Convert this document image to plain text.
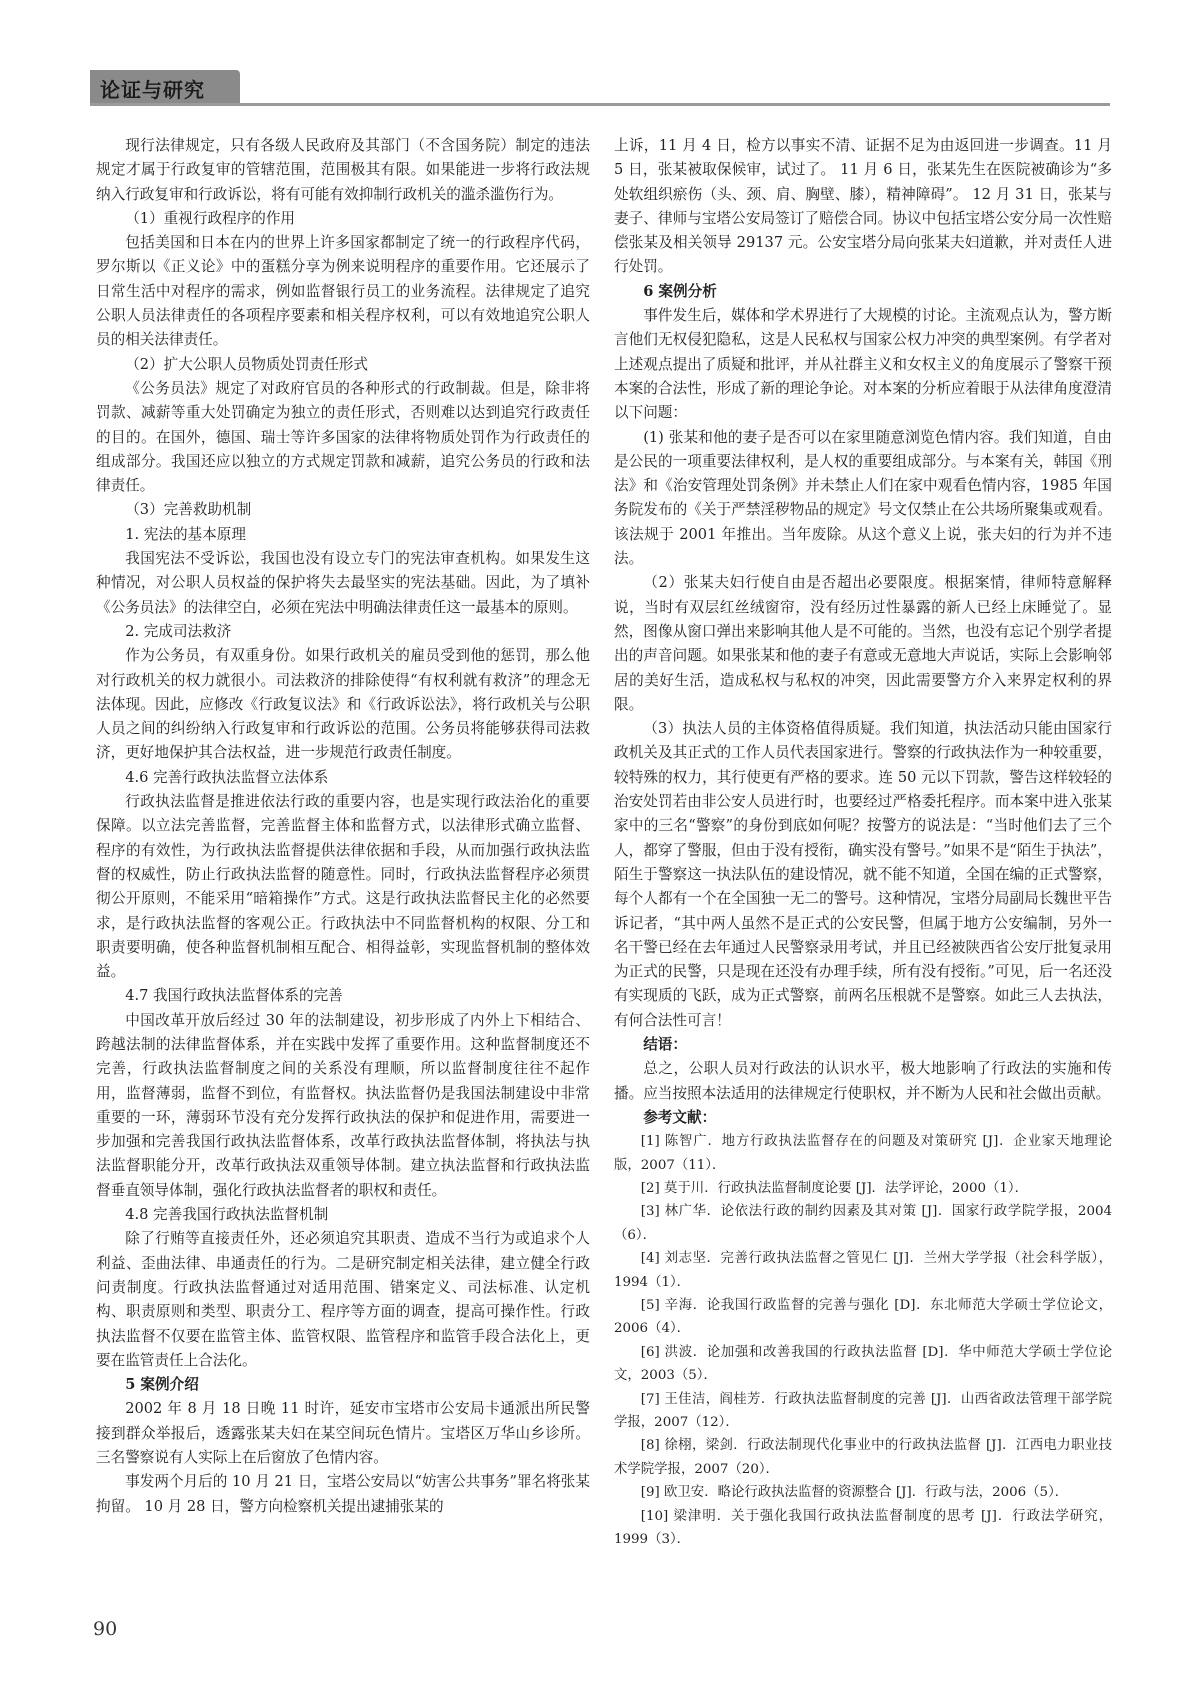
论证与研究

现行法律规定，只有各级人民政府及其部门（不含国务院）制定的违法规定才属于行政复审的管辖范围，范围极其有限。如果能进一步将行政法规纳入行政复审和行政诉讼，将有可能有效抑制行政机关的滥杀滥伤行为。

（1）重视行政程序的作用

包括美国和日本在内的世界上许多国家都制定了统一的行政程序代码，罗尔斯以《正义论》中的蛋糕分享为例来说明程序的重要作用。它还展示了日常生活中对程序的需求，例如监督银行员工的业务流程。法律规定了追究公职人员法律责任的各项程序要素和相关程序权利，可以有效地追究公职人员的相关法律责任。

（2）扩大公职人员物质处罚责任形式

《公务员法》规定了对政府官员的各种形式的行政制裁。但是，除非将罚款、减薪等重大处罚确定为独立的责任形式，否则难以达到追究行政责任的目的。在国外，德国、瑞士等许多国家的法律将物质处罚作为行政责任的组成部分。我国还应以独立的方式规定罚款和减薪，追究公务员的行政和法律责任。

（3）完善救助机制

1. 宪法的基本原理

我国宪法不受诉讼，我国也没有设立专门的宪法审查机构。如果发生这种情况，对公职人员权益的保护将失去最坚实的宪法基础。因此，为了填补《公务员法》的法律空白，必须在宪法中明确法律责任这一最基本的原则。

2. 完成司法救济

作为公务员，有双重身份。如果行政机关的雇员受到他的惩罚，那么他对行政机关的权力就很小。司法救济的排除使得“有权利就有救济”的理念无法体现。因此，应修改《行政复议法》和《行政诉讼法》，将行政机关与公职人员之间的纠纷纳入行政复审和行政诉讼的范围。公务员将能够获得司法救济，更好地保护其合法权益，进一步规范行政责任制度。

4.6 完善行政执法监督立法体系

行政执法监督是推进依法行政的重要内容，也是实现行政法治化的重要保障。以立法完善监督，完善监督主体和监督方式，以法律形式确立监督、程序的有效性，为行政执法监督提供法律依据和手段，从而加强行政执法监督的权威性，防止行政执法监督的随意性。同时，行政执法监督程序必须贯彻公开原则，不能采用“暗箱操作”方式。这是行政执法监督民主化的必然要求，是行政执法监督的客观公正。行政执法中不同监督机构的权限、分工和职责要明确，使各种监督机制相互配合、相得益彰，实现监督机制的整体效益。

4.7 我国行政执法监督体系的完善

中国改革开放后经过 30 年的法制建设，初步形成了内外上下相结合、跨越法制的法律监督体系，并在实践中发挥了重要作用。这种监督制度还不完善，行政执法监督制度之间的关系没有理顺，所以监督制度往往不起作用，监督薄弱，监督不到位，有监督权。执法监督仍是我国法制建设中非常重要的一环，薄弱环节没有充分发挥行政执法的保护和促进作用，需要进一步加强和完善我国行政执法监督体系，改革行政执法监督体制，将执法与执法监督职能分开，改革行政执法双重领导体制。建立执法监督和行政执法监督垂直领导体制，强化行政执法监督者的职权和责任。

4.8 完善我国行政执法监督机制

除了行贿等直接责任外，还必须追究其职责、造成不当行为或追求个人利益、歪曲法律、串通责任的行为。二是研究制定相关法律，建立健全行政问责制度。行政执法监督通过对适用范围、错案定义、司法标准、认定机构、职责原则和类型、职责分工、程序等方面的调查，提高可操作性。行政执法监督不仅要在监管主体、监管权限、监管程序和监管手段合法化上，更要在监管责任上合法化。

5 案例介绍

2002 年 8 月 18 日晚 11 时许，延安市宝塔市公安局卡通派出所民警接到群众举报后，透露张某夫妇在某空间玩色情片。宝塔区万华山乡诊所。三名警察说有人实际上在后窗放了色情内容。

事发两个月后的 10 月 21 日，宝塔公安局以“妨害公共事务”罪名将张某拘留。 10 月 28 日，警方向检察机关提出逮捕张某的

上诉，11 月 4 日，检方以事实不清、证据不足为由返回进一步调查。11 月 5 日，张某被取保候审，试过了。 11 月 6 日，张某先生在医院被确诊为“多处软组织瘀伤（头、颈、肩、胸壁、膝），精神障碍”。 12 月 31 日，张某与妻子、律师与宝塔公安局签订了赔偿合同。协议中包括宝塔公安分局一次性赔偿张某及相关领导 29137 元。公安宝塔分局向张某夫妇道歉，并对责任人进行处罚。

6 案例分析

事件发生后，媒体和学术界进行了大规模的讨论。主流观点认为，警方断言他们无权侵犯隐私，这是人民私权与国家公权力冲突的典型案例。有学者对上述观点提出了质疑和批评，并从社群主义和女权主义的角度展示了警察干预本案的合法性，形成了新的理论争论。对本案的分析应着眼于从法律角度澄清以下问题：

(1) 张某和他的妻子是否可以在家里随意浏览色情内容。我们知道，自由是公民的一项重要法律权利，是人权的重要组成部分。与本案有关，韩国《刑法》和《治安管理处罚条例》并未禁止人们在家中观看色情内容，1985 年国务院发布的《关于严禁淫秽物品的规定》号文仅禁止在公共场所聚集或观看。该法规于 2001 年推出。当年废除。从这个意义上说，张夫妇的行为并不违法。

（2）张某夫妇行使自由是否超出必要限度。根据案情，律师特意解释说，当时有双层红丝绒窗帘，没有经历过性暴露的新人已经上床睡觉了。显然，图像从窗口弹出来影响其他人是不可能的。当然，也没有忘记个别学者提出的声音问题。如果张某和他的妻子有意或无意地大声说话，实际上会影响邻居的美好生活，造成私权与私权的冲突，因此需要警方介入来界定权利的界限。

（3）执法人员的主体资格值得质疑。我们知道，执法活动只能由国家行政机关及其正式的工作人员代表国家进行。警察的行政执法作为一种较重要，较特殊的权力，其行使更有严格的要求。连 50 元以下罚款，警告这样较轻的治安处罚若由非公安人员进行时，也要经过严格委托程序。而本案中进入张某家中的三名“警察”的身份到底如何呢？按警方的说法是：“当时他们去了三个人，都穿了警服，但由于没有授衔，确实没有警号。”如果不是“陌生于执法”，陌生于警察这一执法队伍的建设情况，就不能不知道，全国在编的正式警察，每个人都有一个在全国独一无二的警号。这种情况，宝塔分局副局长魏世平告诉记者，“其中两人虽然不是正式的公安民警，但属于地方公安编制，另外一名干警已经在去年通过人民警察录用考试，并且已经被陕西省公安厅批复录用为正式的民警，只是现在还没有办理手续，所有没有授衔。”可见，后一名还没有实现质的飞跃，成为正式警察，前两名压根就不是警察。如此三人去执法，有何合法性可言！

结语：

总之，公职人员对行政法的认识水平，极大地影响了行政法的实施和传播。应当按照本法适用的法律规定行使职权，并不断为人民和社会做出贡献。

参考文献：

[1] 陈智广．地方行政执法监督存在的问题及对策研究 [J]．企业家天地理论版，2007（11）．

[2] 莫于川．行政执法监督制度论要 [J]．法学评论，2000（1）．

[3] 林广华．论依法行政的制约因素及其对策 [J]．国家行政学院学报，2004（6）．

[4] 刘志坚．完善行政执法监督之管见仁 [J]．兰州大学学报（社会科学版），1994（1）．

[5] 辛海．论我国行政监督的完善与强化 [D]．东北师范大学硕士学位论文，2006（4）．

[6] 洪波．论加强和改善我国的行政执法监督 [D]．华中师范大学硕士学位论文，2003（5）．

[7] 王佳洁，阎桂芳．行政执法监督制度的完善 [J]．山西省政法管理干部学院学报，2007（12）．

[8] 徐栩，梁剑．行政法制现代化事业中的行政执法监督 [J]．江西电力职业技术学院学报，2007（20）．

[9] 欧卫安．略论行政执法监督的资源整合 [J]．行政与法，2006（5）．

[10] 梁津明．关于强化我国行政执法监督制度的思考 [J]．行政法学研究，1999（3）．

90
